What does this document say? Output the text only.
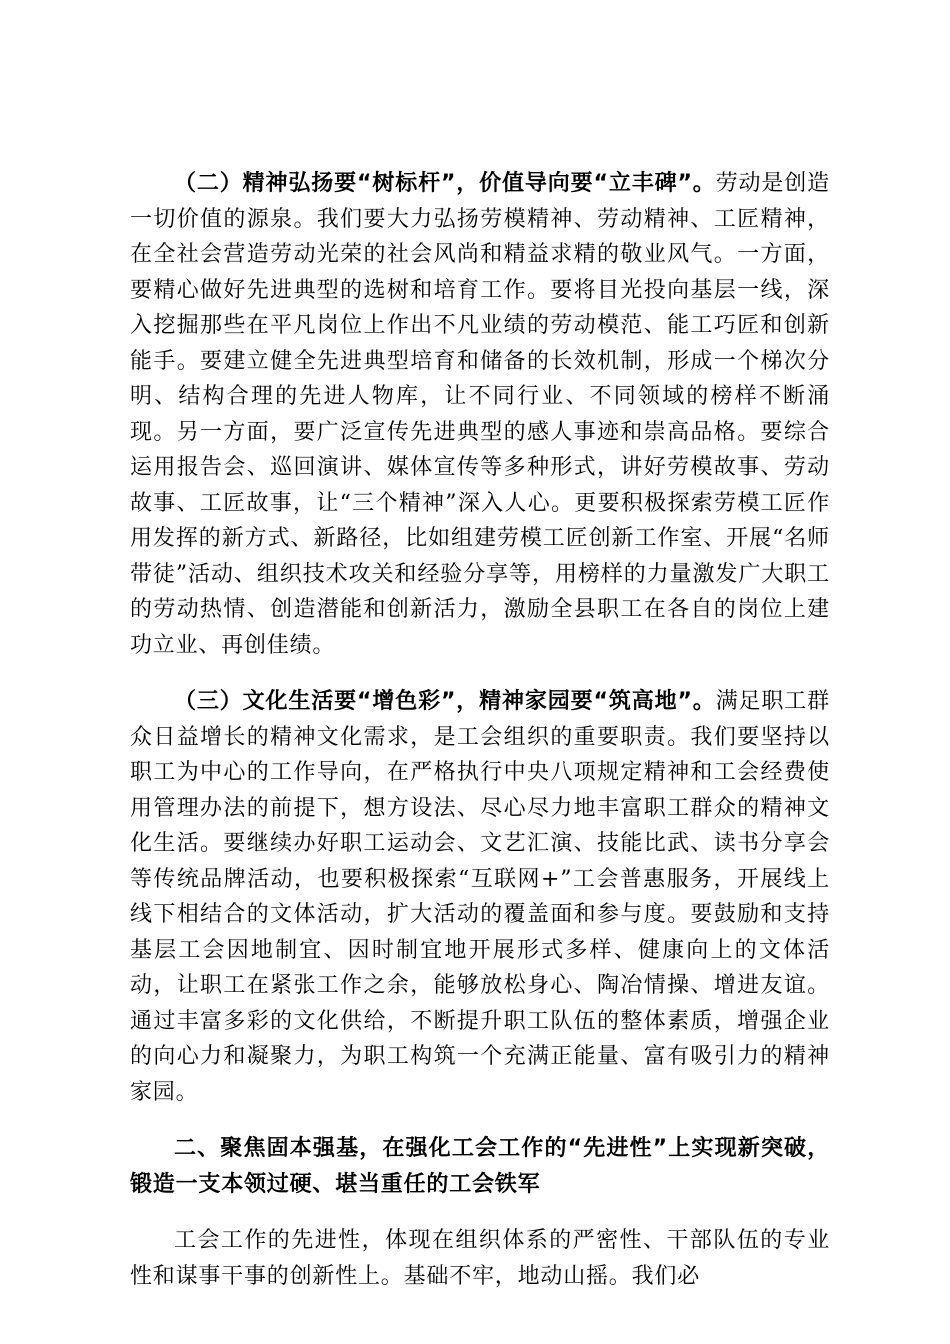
（二）精神弘扬要“树标杆”，价值导向要“立丰碑”。劳动是创造一切价值的源泉。我们要大力弘扬劳模精神、劳动精神、工匠精神，在全社会营造劳动光荣的社会风尚和精益求精的敬业风气。一方面，要精心做好先进典型的选树和培育工作。要将目光投向基层一线，深入挖掘那些在平凡岗位上作出不凡业绩的劳动模范、能工巧匠和创新能手。要建立健全先进典型培育和储备的长效机制，形成一个梯次分明、结构合理的先进人物库，让不同行业、不同领域的榜样不断涌现。另一方面，要广泛宣传先进典型的感人事迹和崇高品格。要综合运用报告会、巡回演讲、媒体宣传等多种形式，讲好劳模故事、劳动故事、工匠故事，让“三个精神”深入人心。更要积极探索劳模工匠作用发挥的新方式、新路径，比如组建劳模工匠创新工作室、开展“名师带徒”活动、组织技术攻关和经验分享等，用榜样的力量激发广大职工的劳动热情、创造潜能和创新活力，激励全县职工在各自的岗位上建功立业、再创佳绩。

（三）文化生活要“增色彩”，精神家园要“筑高地”。满足职工群众日益增长的精神文化需求，是工会组织的重要职责。我们要坚持以职工为中心的工作导向，在严格执行中央八项规定精神和工会经费使用管理办法的前提下，想方设法、尽心尽力地丰富职工群众的精神文化生活。要继续办好职工运动会、文艺汇演、技能比武、读书分享会等传统品牌活动，也要积极探索“互联网+”工会普惠服务，开展线上线下相结合的文体活动，扩大活动的覆盖面和参与度。要鼓励和支持基层工会因地制宜、因时制宜地开展形式多样、健康向上的文体活动，让职工在紧张工作之余，能够放松身心、陶冶情操、增进友谊。通过丰富多彩的文化供给，不断提升职工队伍的整体素质，增强企业的向心力和凝聚力，为职工构筑一个充满正能量、富有吸引力的精神家园。

二、聚焦固本强基，在强化工会工作的“先进性”上实现新突破，锻造一支本领过硬、堪当重任的工会铁军

工会工作的先进性，体现在组织体系的严密性、干部队伍的专业性和谋事干事的创新性上。基础不牢，地动山摇。我们必
